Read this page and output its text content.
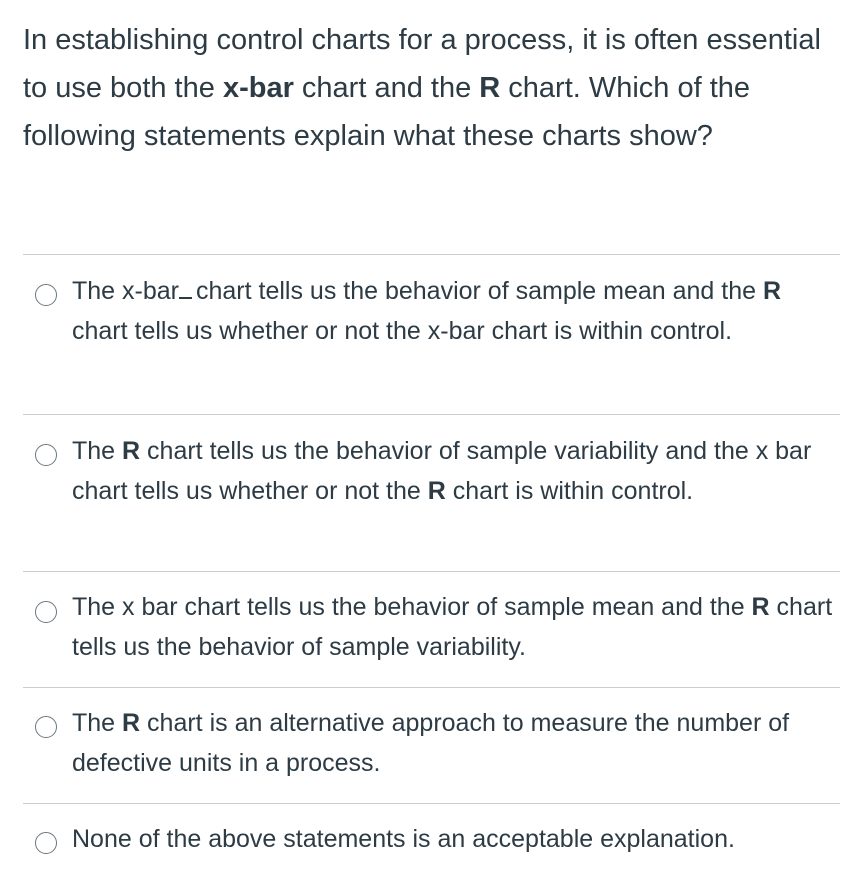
In establishing control charts for a process, it is often essential to use both the x-bar chart and the R chart. Which of the following statements explain what these charts show?

The x-bar chart tells us the behavior of sample mean and the R chart tells us whether or not the x-bar chart is within control.
The R chart tells us the behavior of sample variability and the x bar chart tells us whether or not the R chart is within control.
The x bar chart tells us the behavior of sample mean and the R chart tells us the behavior of sample variability.
The R chart is an alternative approach to measure the number of defective units in a process.
None of the above statements is an acceptable explanation.
